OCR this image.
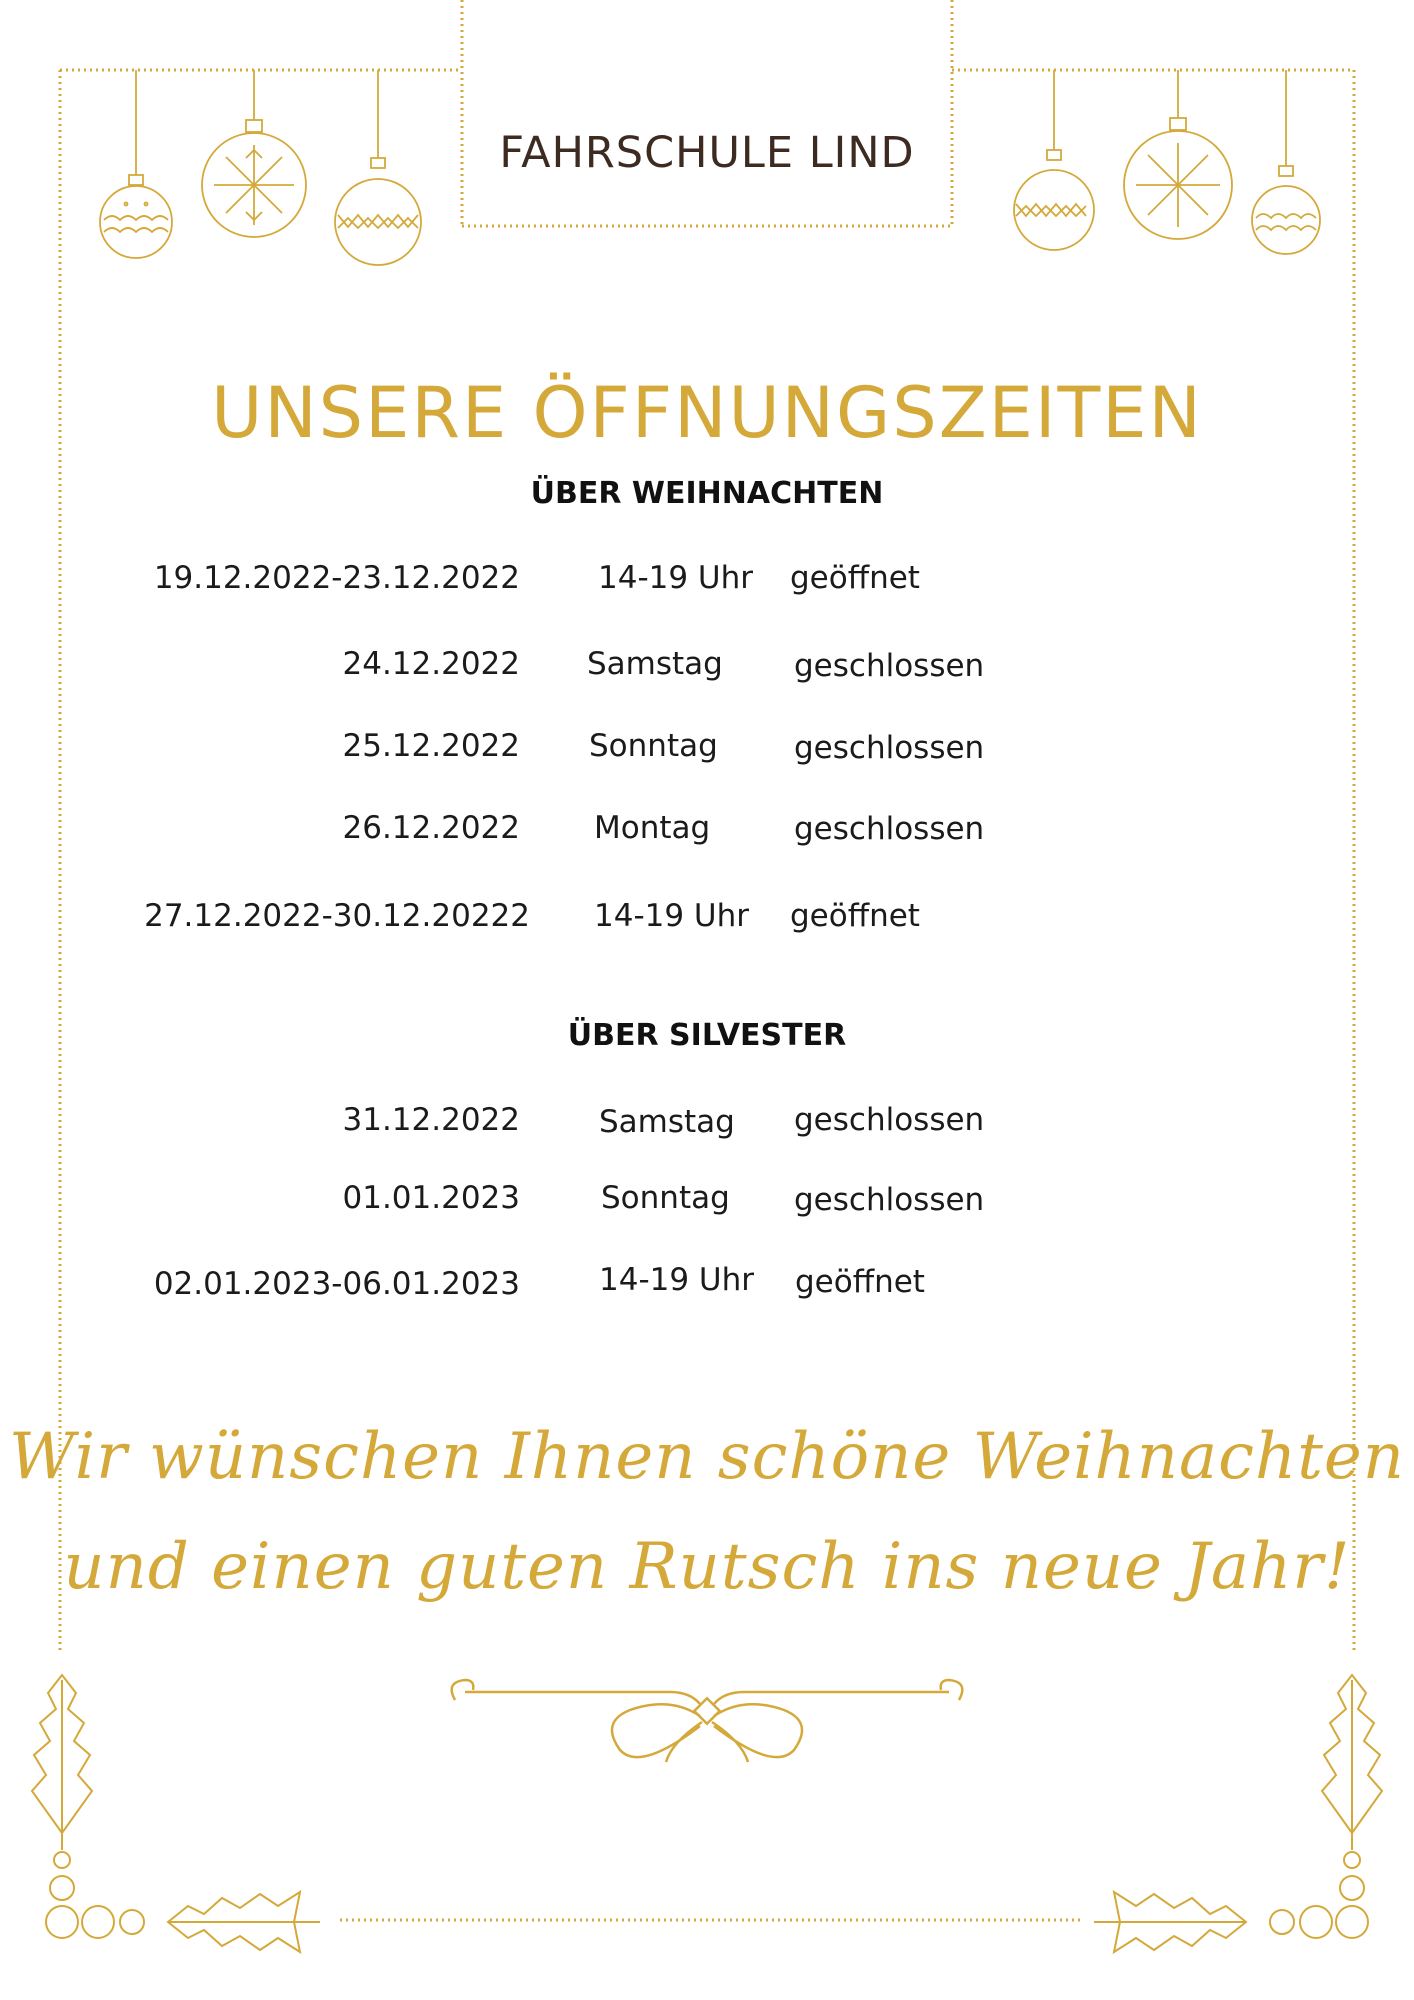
FAHRSCHULE LIND
UNSERE ÖFFNUNGSZEITEN
ÜBER WEIHNACHTEN
19.12.2022-23.12.2022	14-19 Uhr geöffnet
24.12.2022 Samstag geschlossen
25.12.2022 Sonntag geschlossen
26.12.2022 Montag	geschlossen
27.12.2022-30.12.20222 14-19 Uhr geöffnet
ÜBER SILVESTER
31.12.2022	Samstag geschlossen
01.01.2023	Sonntag geschlossen
02.01.2023-06.01.2023	14-19 Uhr geöffnet
Wir wünschen Ihnen schöne Weihnachten
und einen guten Rutsch ins neue Jahr!
